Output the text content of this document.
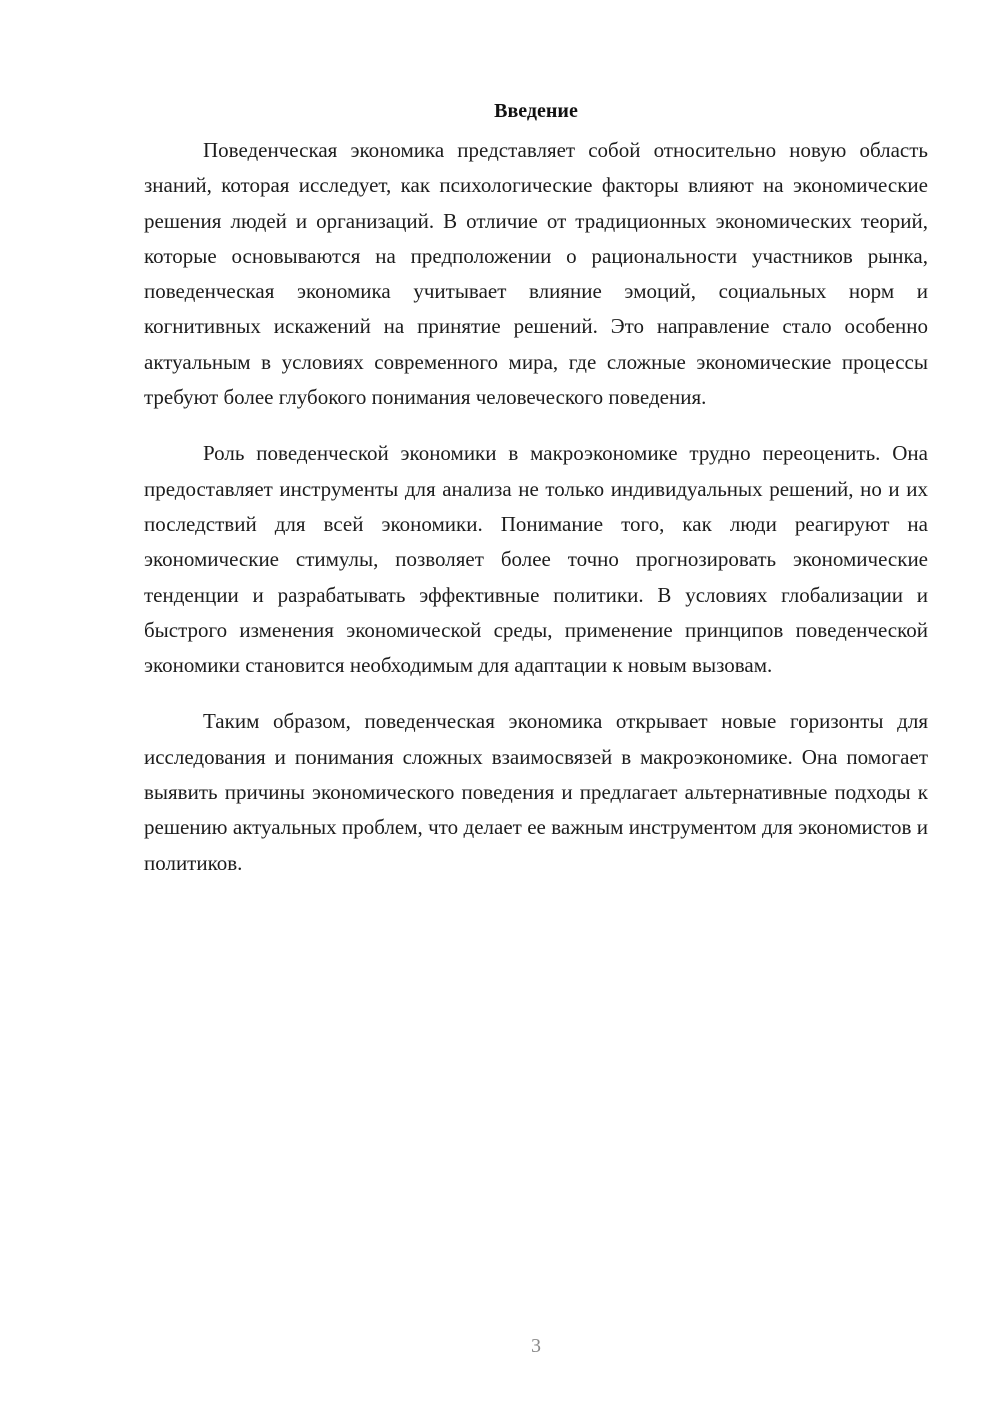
Введение

Поведенческая экономика представляет собой относительно новую область знаний, которая исследует, как психологические факторы влияют на экономические решения людей и организаций. В отличие от традиционных экономических теорий, которые основываются на предположении о рациональности участников рынка, поведенческая экономика учитывает влияние эмоций, социальных норм и когнитивных искажений на принятие решений. Это направление стало особенно актуальным в условиях современного мира, где сложные экономические процессы требуют более глубокого понимания человеческого поведения.

Роль поведенческой экономики в макроэкономике трудно переоценить. Она предоставляет инструменты для анализа не только индивидуальных решений, но и их последствий для всей экономики. Понимание того, как люди реагируют на экономические стимулы, позволяет более точно прогнозировать экономические тенденции и разрабатывать эффективные политики. В условиях глобализации и быстрого изменения экономической среды, применение принципов поведенческой экономики становится необходимым для адаптации к новым вызовам.

Таким образом, поведенческая экономика открывает новые горизонты для исследования и понимания сложных взаимосвязей в макроэкономике. Она помогает выявить причины экономического поведения и предлагает альтернативные подходы к решению актуальных проблем, что делает ее важным инструментом для экономистов и политиков.

3
